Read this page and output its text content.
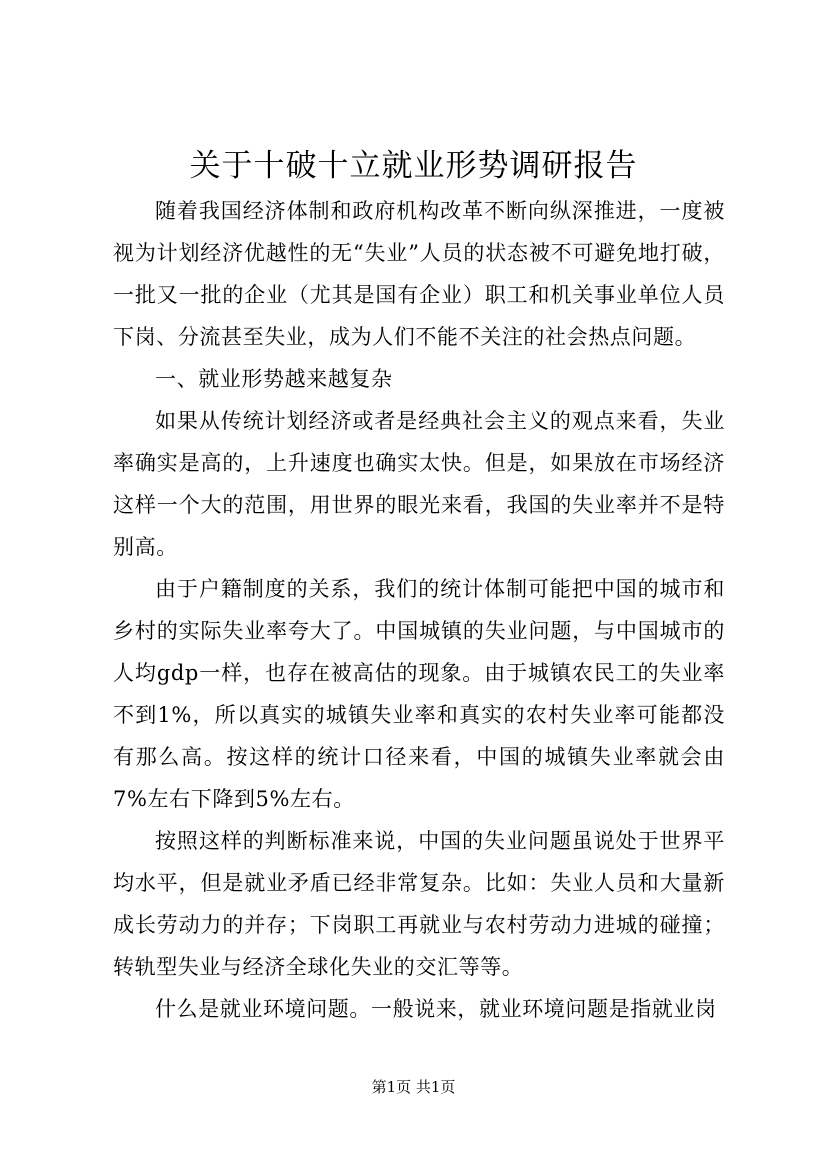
关于十破十立就业形势调研报告

随着我国经济体制和政府机构改革不断向纵深推进，一度被视为计划经济优越性的无“失业”人员的状态被不可避免地打破，一批又一批的企业（尤其是国有企业）职工和机关事业单位人员下岗、分流甚至失业，成为人们不能不关注的社会热点问题。

一、就业形势越来越复杂

如果从传统计划经济或者是经典社会主义的观点来看，失业率确实是高的，上升速度也确实太快。但是，如果放在市场经济这样一个大的范围，用世界的眼光来看，我国的失业率并不是特别高。

由于户籍制度的关系，我们的统计体制可能把中国的城市和乡村的实际失业率夸大了。中国城镇的失业问题，与中国城市的人均gdp一样，也存在被高估的现象。由于城镇农民工的失业率不到1%，所以真实的城镇失业率和真实的农村失业率可能都没有那么高。按这样的统计口径来看，中国的城镇失业率就会由7%左右下降到5%左右。

按照这样的判断标准来说，中国的失业问题虽说处于世界平均水平，但是就业矛盾已经非常复杂。比如：失业人员和大量新成长劳动力的并存；下岗职工再就业与农村劳动力进城的碰撞；转轨型失业与经济全球化失业的交汇等等。

什么是就业环境问题。一般说来，就业环境问题是指就业岗

第1页 共1页
